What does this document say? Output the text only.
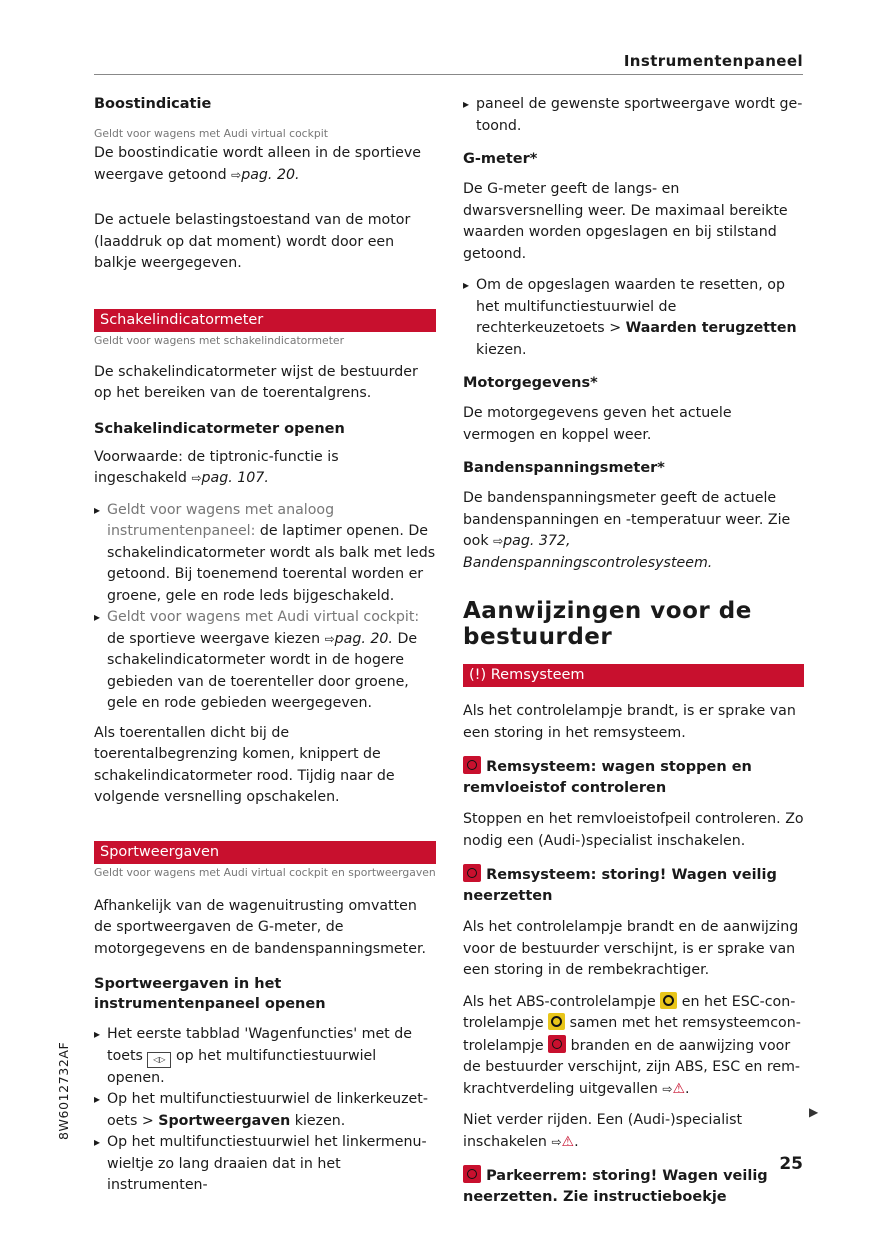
Instrumentenpaneel
Boostindicatie
Geldt voor wagens met Audi virtual cockpit

De boostindicatie wordt alleen in de sportieve weergave getoond ⇨pag. 20.

De actuele belastingstoestand van de motor (laaddruk op dat moment) wordt door een balkje weergegeven.

Schakelindicatormeter
Geldt voor wagens met schakelindicatormeter

De schakelindicatormeter wijst de bestuurder op het bereiken van de toerentalgrens.

Schakelindicatormeter openen

Voorwaarde: de tiptronic-functie is ingeschakeld ⇨pag. 107.

▸ Geldt voor wagens met analoog instrumentenpaneel: de laptimer openen. De schakelindicatormeter wordt als balk met leds getoond. Bij toenemend toerental worden er groene, gele en rode leds bijgeschakeld.

▸ Geldt voor wagens met Audi virtual cockpit: de sportieve weergave kiezen ⇨pag. 20. De schakelindicatormeter wordt in de hogere gebieden van de toerenteller door groene, gele en rode gebieden weergegeven.

Als toerentallen dicht bij de toerentalbegrenzing komen, knippert de schakelindicatormeter rood. Tijdig naar de volgende versnelling opschakelen.

Sportweergaven
Geldt voor wagens met Audi virtual cockpit en sportweergaven

Afhankelijk van de wagenuitrusting omvatten de sportweergaven de G-meter, de motorgegevens en de bandenspanningsmeter.

Sportweergaven in het instrumentenpaneel openen

▸ Het eerste tabblad 'Wagenfuncties' met de toets ◁▷ op het multifunctiestuurwiel openen.

▸ Op het multifunctiestuurwiel de linkerkeuzetoets > Sportweergaven kiezen.

▸ Op het multifunctiestuurwiel het linkermenuwieltje zo lang draaien dat in het instrumenten-

▸ paneel de gewenste sportweergave wordt getoond.

G-meter*

De G-meter geeft de langs- en dwarsversnelling weer. De maximaal bereikte waarden worden opgeslagen en bij stilstand getoond.

▸ Om de opgeslagen waarden te resetten, op het multifunctiestuurwiel de rechterkeuzetoets > Waarden terugzetten kiezen.

Motorgegevens*

De motorgegevens geven het actuele vermogen en koppel weer.

Bandenspanningsmeter*

De bandenspanningsmeter geeft de actuele bandenspanningen en -temperatuur weer. Zie ook ⇨pag. 372, Bandenspanningscontrolesysteem.

Aanwijzingen voor de bestuurder
(!) Remsysteem

Als het controlelampje brandt, is er sprake van een storing in het remsysteem.

Remsysteem: wagen stoppen en remvloeistof controleren

Stoppen en het remvloeistofpeil controleren. Zo nodig een (Audi-)specialist inschakelen.

Remsysteem: storing! Wagen veilig neerzetten

Als het controlelampje brandt en de aanwijzing voor de bestuurder verschijnt, is er sprake van een storing in de rembekrachtiger.

Als het ABS-controlelampje  en het ESC-controlelampje  samen met het remsysteemcontrolelampje  branden en de aanwijzing voor de bestuurder verschijnt, zijn ABS, ESC en remkrachtverdeling uitgevallen ⇨⚠.

Niet verder rijden. Een (Audi-)specialist inschakelen ⇨⚠.

Parkeerrem: storing! Wagen veilig neerzetten. Zie instructieboekje
▶
8W6012732AF
25
